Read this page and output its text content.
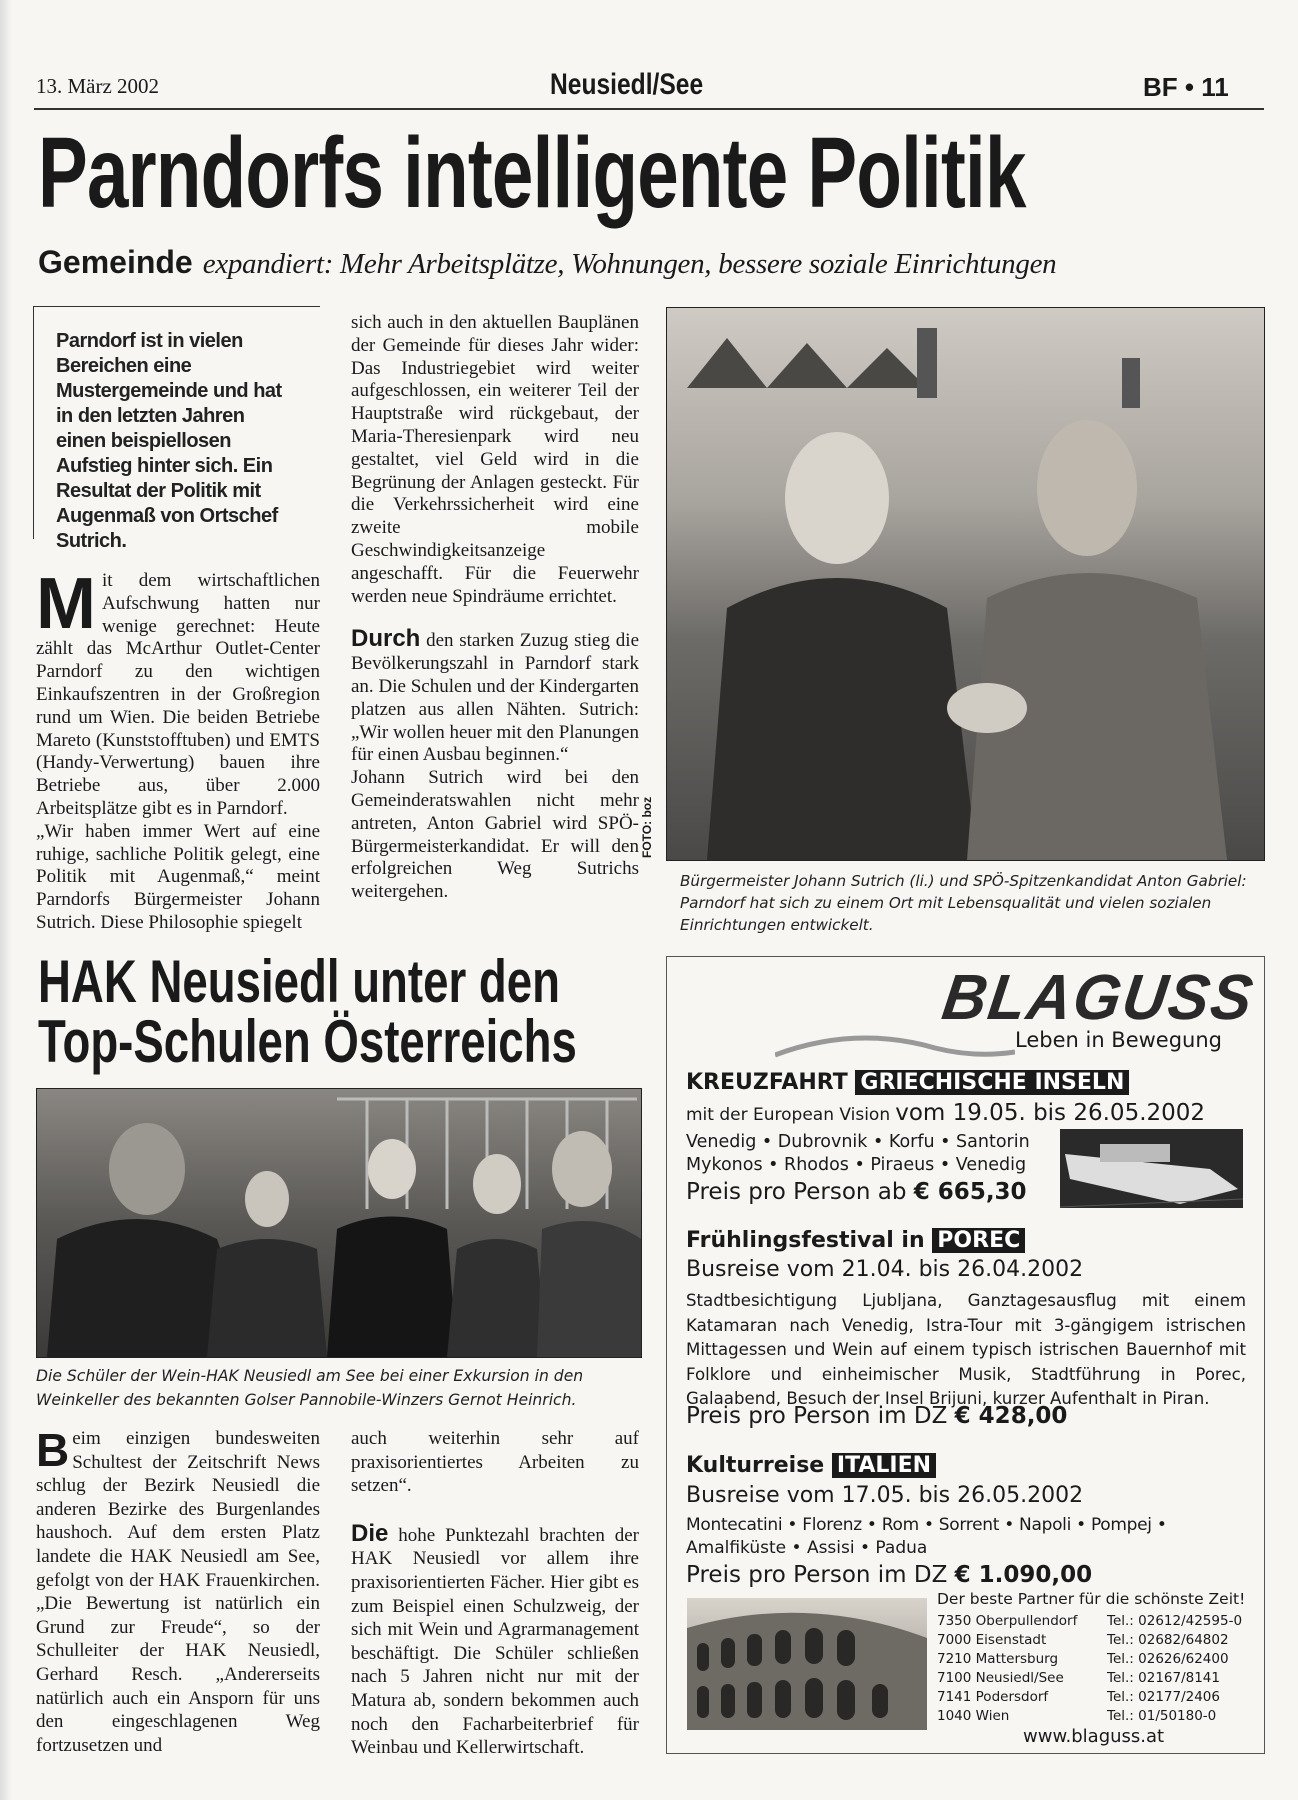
13. März 2002	Neusiedl/See	BF • 11
Parndorfs intelligente Politik
Gemeinde expandiert: Mehr Arbeitsplätze, Wohnungen, bessere soziale Einrichtungen
Parndorf ist in vielen Bereichen eine Mustergemeinde und hat in den letzten Jahren einen beispiellosen Aufstieg hinter sich. Ein Resultat der Politik mit Augenmaß von Ortschef Sutrich.
M it dem wirtschaftlichen Aufschwung hatten nur wenige gerechnet: Heute zählt das McArthur Outlet-Center Parndorf zu den wichtigen Einkaufszentren in der Großregion rund um Wien. Die beiden Betriebe Mareto (Kunststofftuben) und EMTS (Handy-Verwertung) bauen ihre Betriebe aus, über 2.000 Arbeitsplätze gibt es in Parndorf.

„Wir haben immer Wert auf eine ruhige, sachliche Politik gelegt, eine Politik mit Augenmaß,“ meint Parndorfs Bürgermeister Johann Sutrich. Diese Philosophie spiegelt

sich auch in den aktuellen Bauplänen der Gemeinde für dieses Jahr wider: Das Industriegebiet wird weiter aufgeschlossen, ein weiterer Teil der Hauptstraße wird rückgebaut, der Maria-Theresienpark wird neu gestaltet, viel Geld wird in die Begrünung der Anlagen gesteckt. Für die Verkehrssicherheit wird eine zweite mobile Geschwindigkeitsanzeige angeschafft. Für die Feuerwehr werden neue Spindräume errichtet.

Durch den starken Zuzug stieg die Bevölkerungszahl in Parndorf stark an. Die Schulen und der Kindergarten platzen aus allen Nähten. Sutrich: „Wir wollen heuer mit den Planungen für einen Ausbau beginnen.“

Johann Sutrich wird bei den Gemeinderatswahlen nicht mehr antreten, Anton Gabriel wird SPÖ-Bürgermeisterkandidat. Er will den erfolgreichen Weg Sutrichs weitergehen.

FOTO: boz
Bürgermeister Johann Sutrich (li.) und SPÖ-Spitzenkandidat Anton Gabriel: Parndorf hat sich zu einem Ort mit Lebensqualität und vielen sozialen Einrichtungen entwickelt.
HAK Neusiedl unter den
Top-Schulen Österreichs
Die Schüler der Wein-HAK Neusiedl am See bei einer Exkursion in den Weinkeller des bekannten Golser Pannobile-Winzers Gernot Heinrich.
B eim einzigen bundesweiten Schultest der Zeitschrift News schlug der Bezirk Neusiedl die anderen Bezirke des Burgenlandes haushoch. Auf dem ersten Platz landete die HAK Neusiedl am See, gefolgt von der HAK Frauenkirchen. „Die Bewertung ist natürlich ein Grund zur Freude“, so der Schulleiter der HAK Neusiedl, Gerhard Resch. „Andererseits natürlich auch ein Ansporn für uns den eingeschlagenen Weg fortzusetzen und

auch weiterhin sehr auf praxisorientiertes Arbeiten zu setzen“.

Die hohe Punktezahl brachten der HAK Neusiedl vor allem ihre praxisorientierten Fächer. Hier gibt es zum Beispiel einen Schulzweig, der sich mit Wein und Agrarmanagement beschäftigt. Die Schüler schließen nach 5 Jahren nicht nur mit der Matura ab, sondern bekommen auch noch den Facharbeiterbrief für Weinbau und Kellerwirtschaft.

BLAGUSS
Leben in Bewegung
KREUZFAHRT GRIECHISCHE INSELN
mit der European Vision vom 19.05. bis 26.05.2002
Venedig • Dubrovnik • Korfu • Santorin
Mykonos • Rhodos • Piraeus • Venedig
Preis pro Person ab € 665,30
Frühlingsfestival in POREC
Busreise vom 21.04. bis 26.04.2002
Stadtbesichtigung Ljubljana, Ganztagesausflug mit einem Katamaran nach Venedig, Istra-Tour mit 3-gängigem istrischen Mittagessen und Wein auf einem typisch istrischen Bauernhof mit Folklore und einheimischer Musik, Stadtführung in Porec, Galaabend, Besuch der Insel Brijuni, kurzer Aufenthalt in Piran.
Preis pro Person im DZ € 428,00
Kulturreise ITALIEN
Busreise vom 17.05. bis 26.05.2002
Montecatini • Florenz • Rom • Sorrent • Napoli • Pompej •
Amalfiküste • Assisi • Padua
Preis pro Person im DZ € 1.090,00
Der beste Partner für die schönste Zeit!
7350 Oberpullendorf	Tel.: 02612/42595-0
7000 Eisenstadt	Tel.: 02682/64802
7210 Mattersburg	Tel.: 02626/62400
7100 Neusiedl/See	Tel.: 02167/8141
7141 Podersdorf	Tel.: 02177/2406
1040 Wien	Tel.: 01/50180-0
www.blaguss.at
